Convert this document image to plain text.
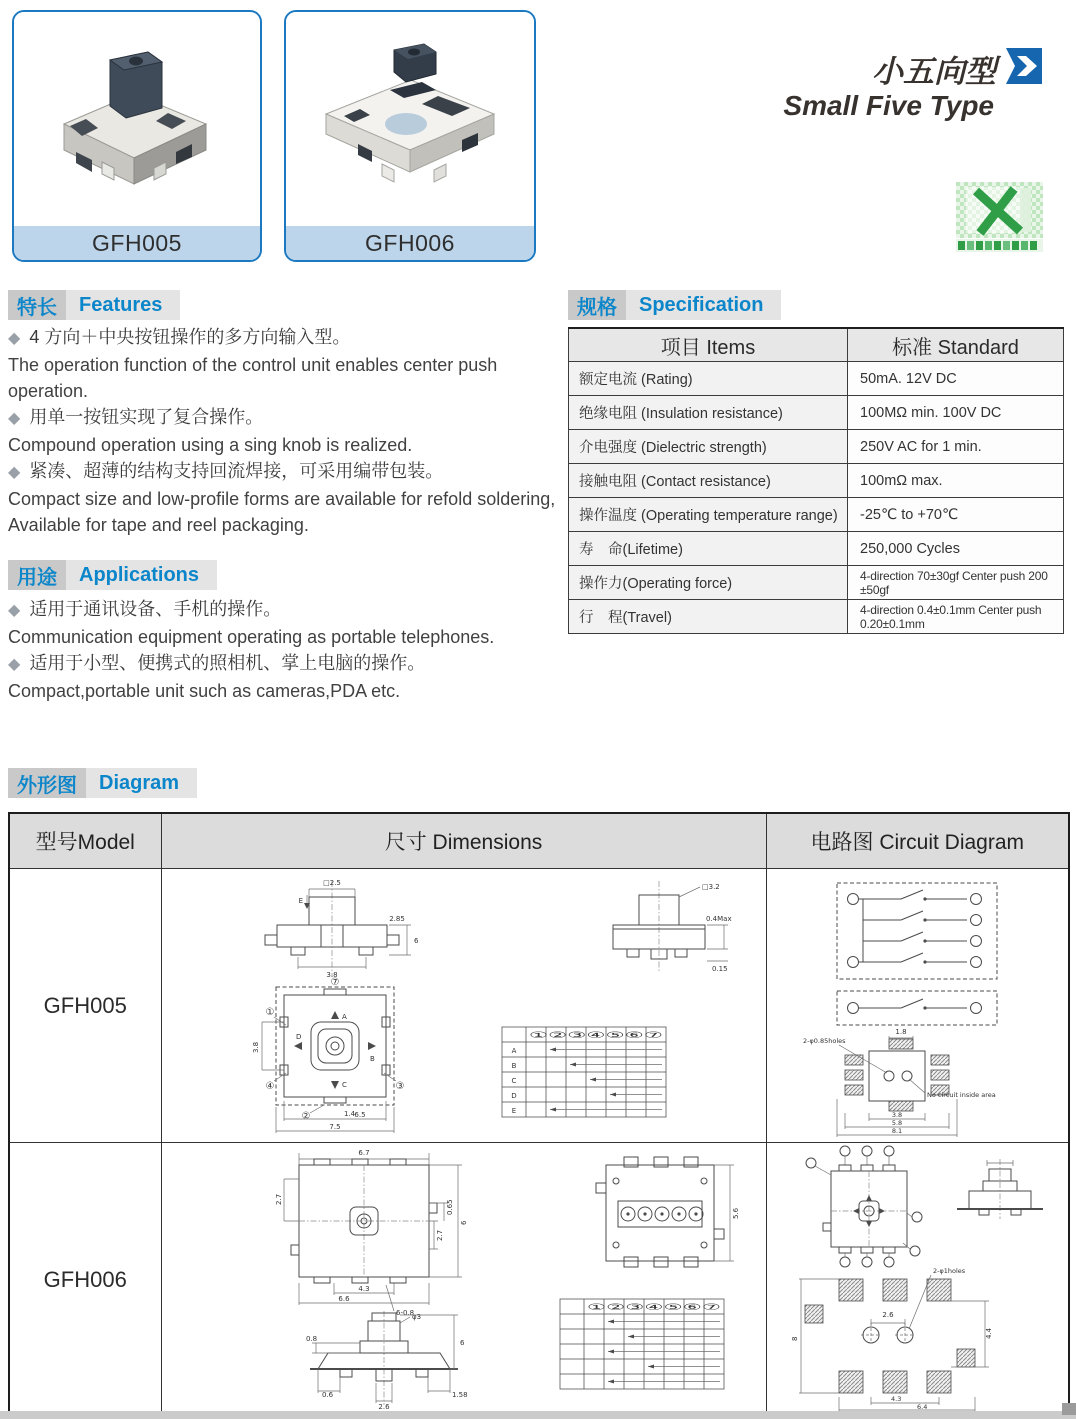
GFH005	GFH006
小五向型
Small Five Type
特长	Features

◆ 4 方向＋中央按钮操作的多方向输入型。

The operation function of the control unit enables center push operation.

◆ 用单一按钮实现了复合操作。

Compound operation using a sing knob is realized.

◆ 紧凑、超薄的结构支持回流焊接，可采用编带包装。

Compact size and low-profile forms are available for refold soldering, Available for tape and reel packaging.

用途	Applications

◆ 适用于通讯设备、手机的操作。

Communication equipment operating as portable telephones.

◆ 适用于小型、便携式的照相机、掌上电脑的操作。

Compact,portable unit such as cameras,PDA etc.

规格	Specification
项目 Items	标准 Standard
额定电流 (Rating)	50mA. 12V DC
绝缘电阻 (Insulation resistance)	100MΩ min. 100V DC
介电强度 (Dielectric strength)	250V AC for 1 min.
接触电阻 (Contact resistance)	100mΩ max.
操作温度 (Operating temperature range)	-25℃ to +70℃
寿　命(Lifetime)	250,000 Cycles
操作力(Operating force)	4-direction 70±30gf Center push 200 ±50gf
行　程(Travel)	4-direction 0.4±0.1mm Center push 0.20±0.1mm
外形图	Diagram
型号Model	尺寸 Dimensions	电路图 Circuit Diagram
GFH005	
□2.5
E
3.8
6
2.85
□3.2
0.4Max
0.15
A
B
C
D
⑦
①
④	③
②
3.8
1.4 6.5
7.5
①②③④⑤⑥⑦
A
B
C
D
E

1.8
2-φ0.85holes
3.8
5.8
8.1
No circuit inside area

GFH006	
6.7
2.7
2.7
0.65
6
4.3
6.6
6-0.8
5.6
0.8
φ3
6
1.58
0.6
2.6
①②③④⑤⑥⑦

2.6
8	4.4
2-φ1holes
4.3
6.4
